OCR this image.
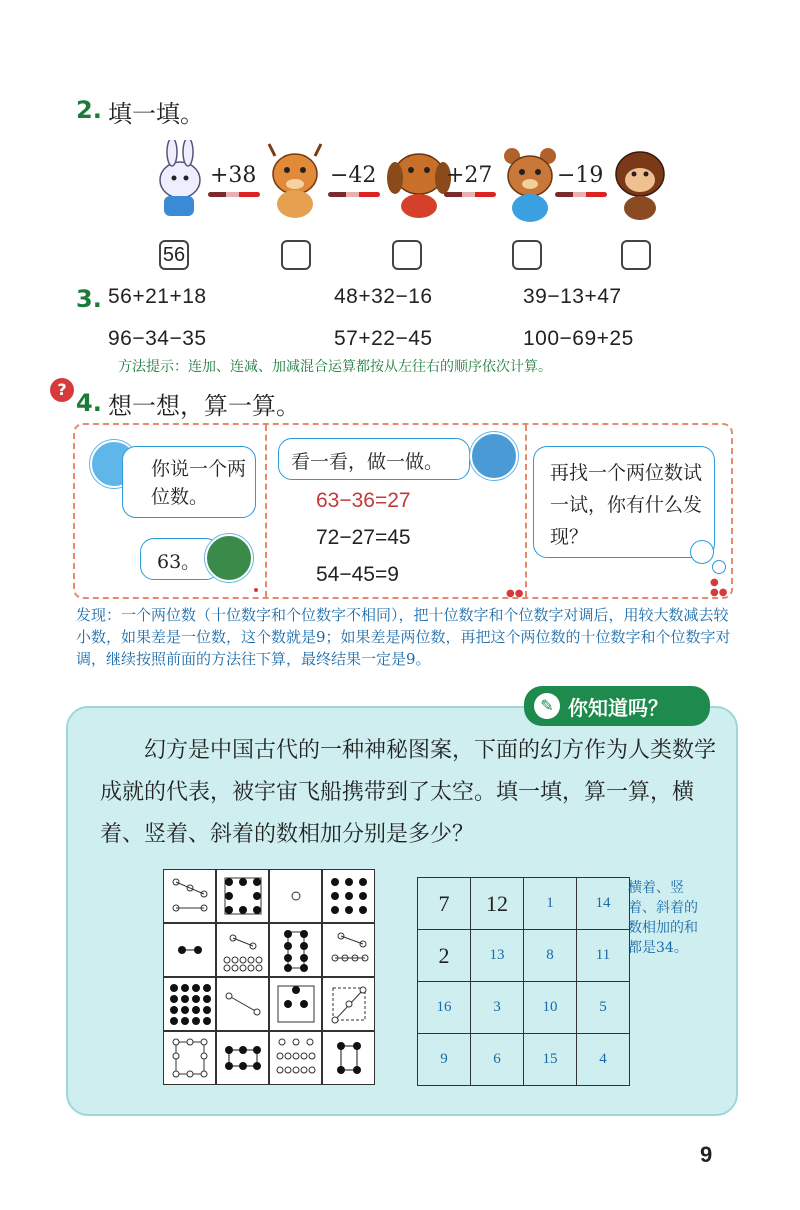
2. 填一填。
+38	−42	+27	−19
56
3. 56+21+18	48+32−16	39−13+47
96−34−35	57+22−45	100−69+25
方法提示：连加、连减、加减混合运算都按从左往右的顺序依次计算。
? 4. 想一想，算一算。
你说一个两位数。
63。
看一看，做一做。
63−36=27
72−27=45
54−45=9
●●
再找一个两位数试一试，你有什么发现？
●
●●
发现：一个两位数（十位数字和个位数字不相同），把十位数字和个位数字对调后，用较大数减去较小数，如果差是一位数，这个数就是9；如果差是两位数，再把这个两位数的十位数字和个位数字对调，继续按照前面的方法往下算，最终结果一定是9。
✎ 你知道吗？
幻方是中国古代的一种神秘图案，下面的幻方作为人类数学成就的代表，被宇宙飞船携带到了太空。填一填，算一算，横着、竖着、斜着的数相加分别是多少？
7	12	1	14
2	13	8	11
16	3	10	5
9	6	15	4
横着、竖着、斜着的数相加的和都是34。
9
